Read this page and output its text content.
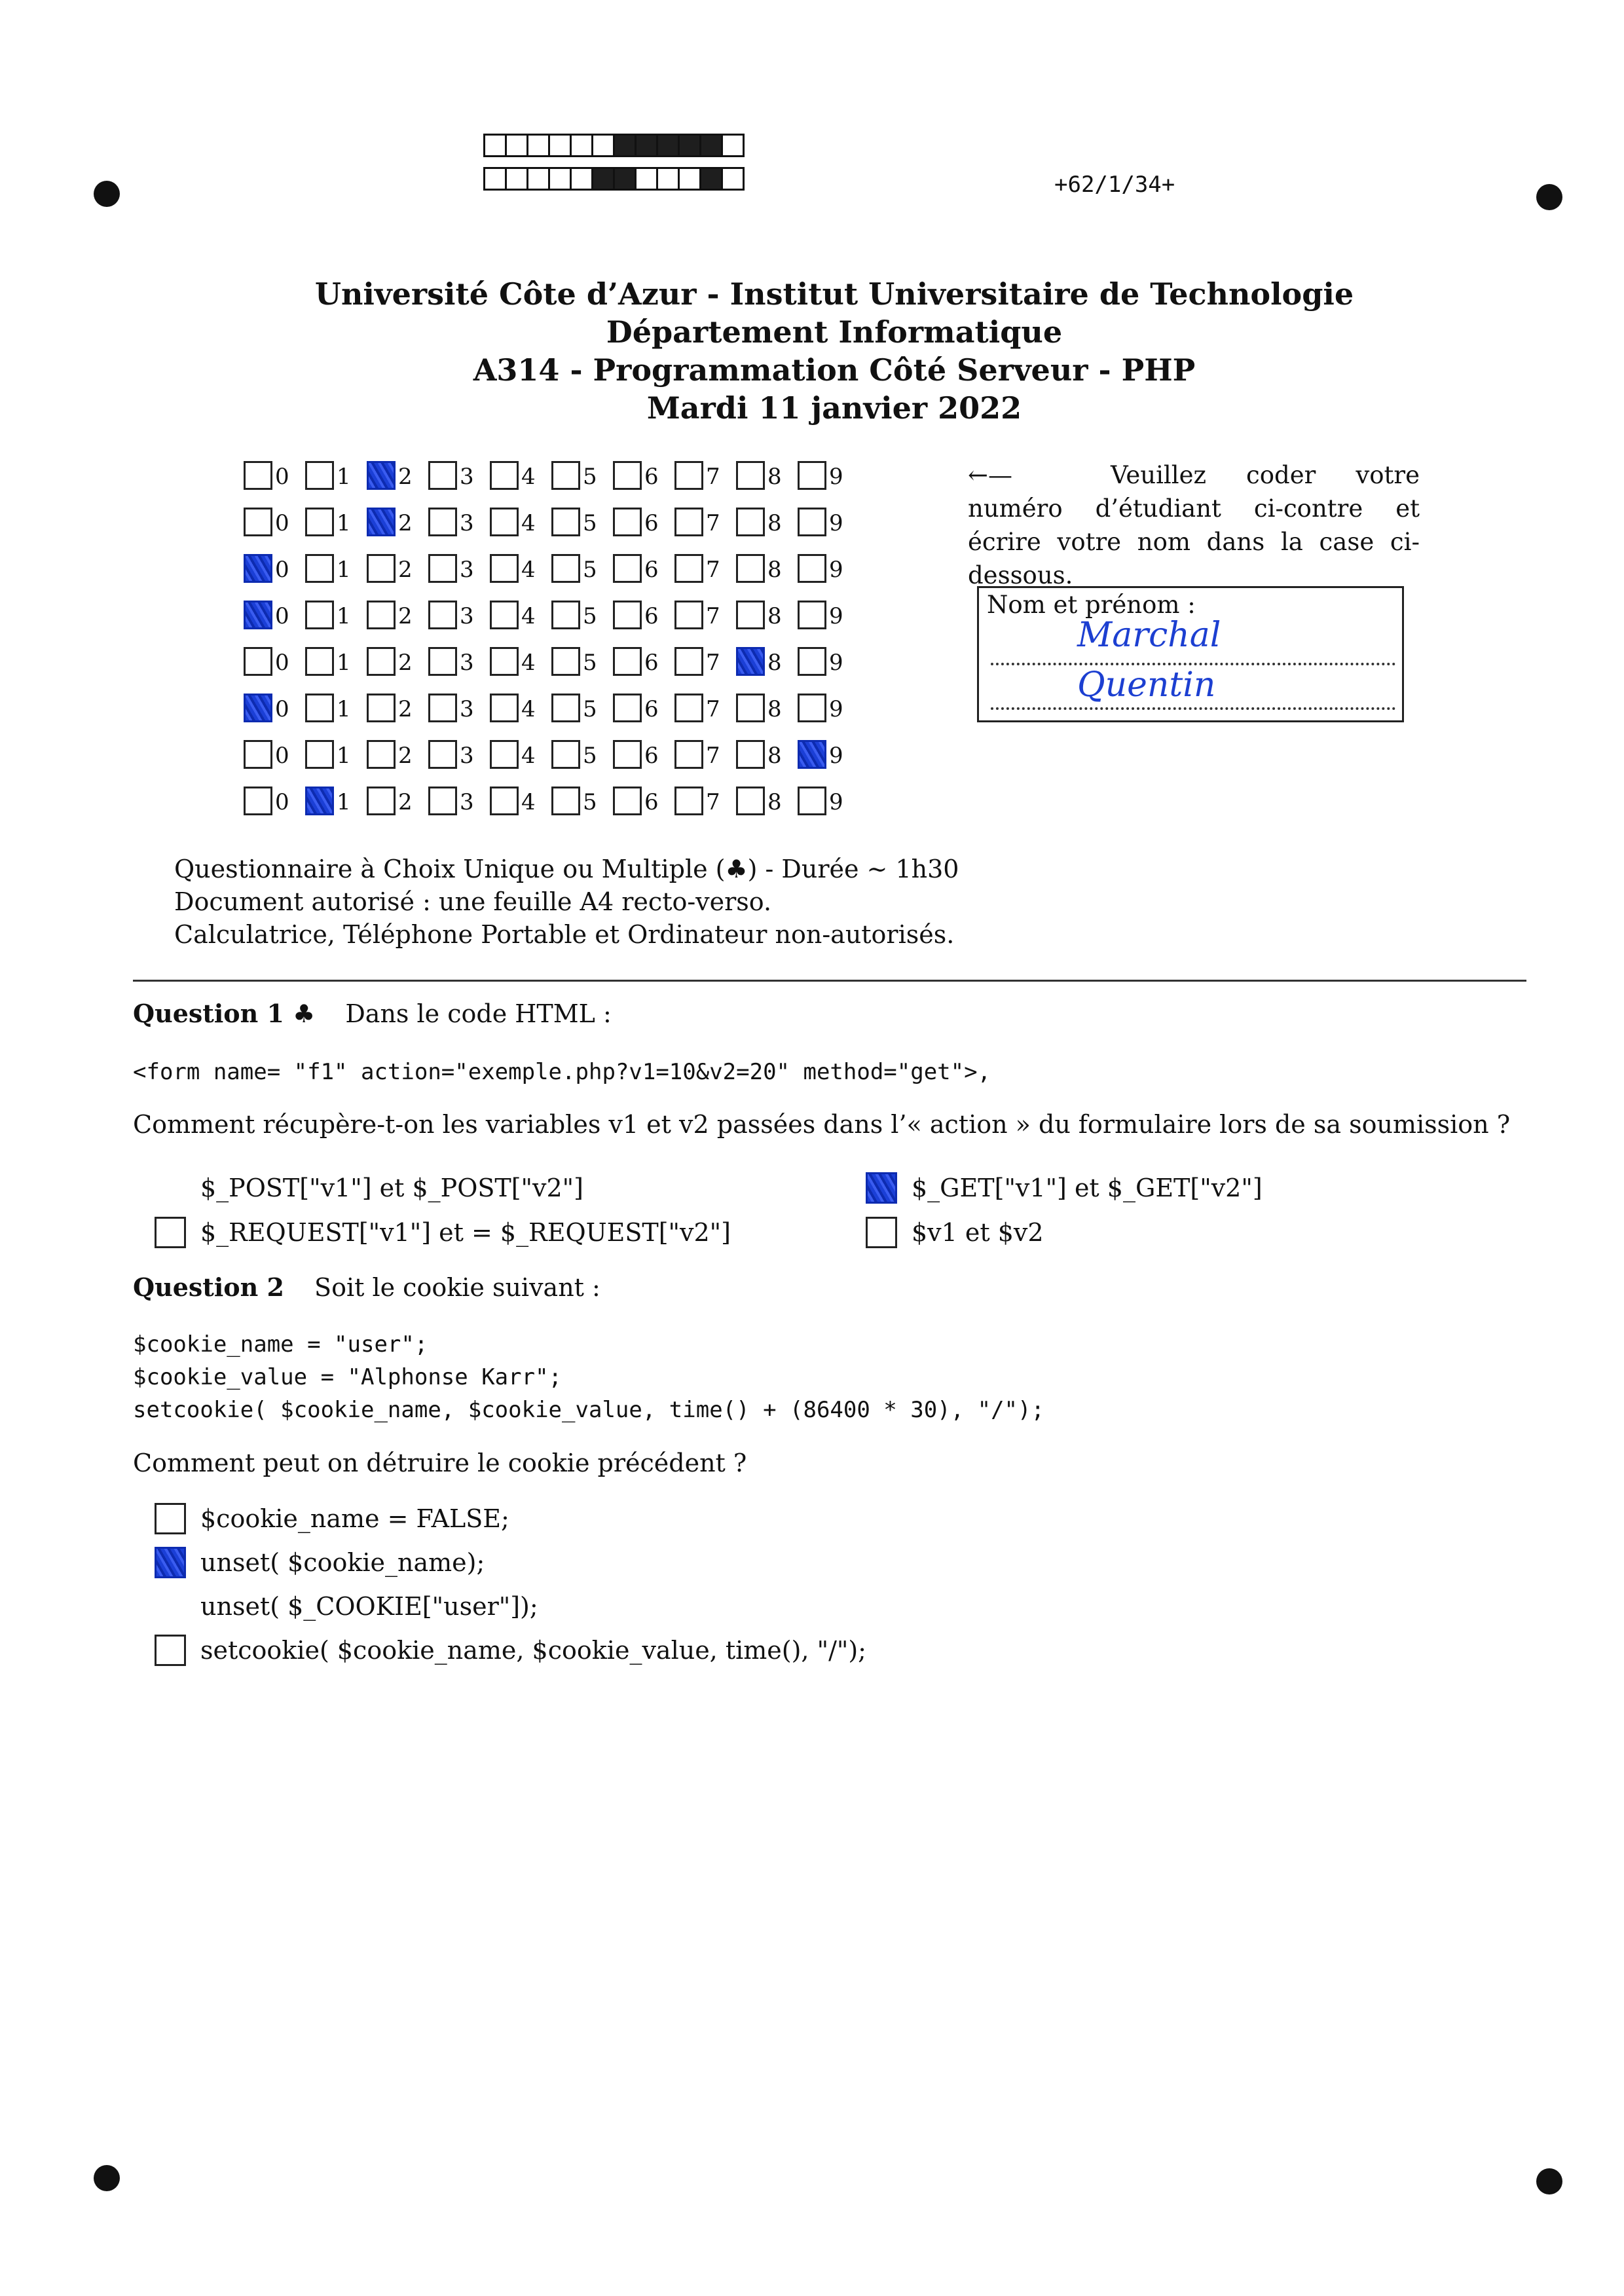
+62/1/34+
Université Côte d’Azur - Institut Universitaire de Technologie
Département Informatique
A314 - Programmation Côté Serveur - PHP
Mardi 11 janvier 2022
0 1 2 3 4 5 6 7 8 9
0 1 2 3 4 5 6 7 8 9
0 1 2 3 4 5 6 7 8 9
0 1 2 3 4 5 6 7 8 9
0 1 2 3 4 5 6 7 8 9
0 1 2 3 4 5 6 7 8 9
0 1 2 3 4 5 6 7 8 9
0 1 2 3 4 5 6 7 8 9
←—	Veuillez coder votre numéro d’étudiant ci-contre et écrire votre nom dans la case ci-dessous.
Nom et prénom :
Marchal
Quentin
Questionnaire à Choix Unique ou Multiple (♣) - Durée ∼ 1h30
Document autorisé : une feuille A4 recto-verso.
Calculatrice, Téléphone Portable et Ordinateur non-autorisés.
Question 1 ♣ Dans le code HTML :
<form name= "f1" action="exemple.php?v1=10&v2=20" method="get">,
Comment récupère-t-on les variables v1 et v2 passées dans l’« action » du formulaire lors de sa soumission ?
$_POST["v1"] et $_POST["v2"]	$_GET["v1"] et $_GET["v2"]
$_REQUEST["v1"] et = $_REQUEST["v2"]	$v1 et $v2
Question 2 Soit le cookie suivant :
$cookie_name = "user";
$cookie_value = "Alphonse Karr";
setcookie( $cookie_name, $cookie_value, time() + (86400 * 30), "/");
Comment peut on détruire le cookie précédent ?
$cookie_name = FALSE;
unset( $cookie_name);
unset( $_COOKIE["user"]);
setcookie( $cookie_name, $cookie_value, time(), "/");
